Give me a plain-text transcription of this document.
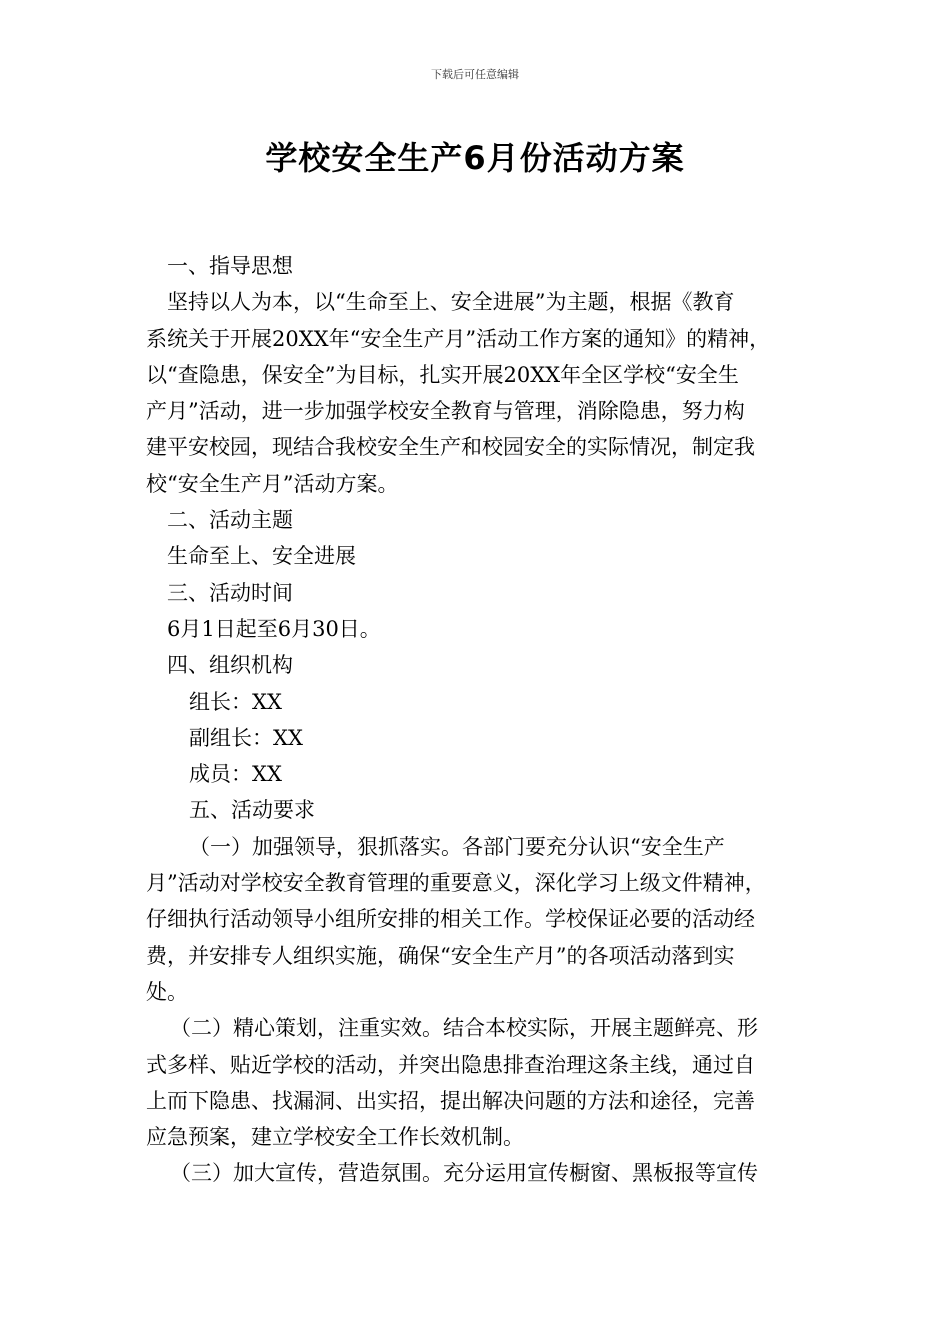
下载后可任意编辑
学校安全生产6月份活动方案

一、指导思想

坚持以人为本，以“生命至上、安全进展”为主题，根据《教育

系统关于开展20XX年“安全生产月”活动工作方案的通知》的精神，

以“查隐患，保安全”为目标，扎实开展20XX年全区学校“安全生

产月”活动，进一步加强学校安全教育与管理，消除隐患，努力构

建平安校园，现结合我校安全生产和校园安全的实际情况，制定我

校“安全生产月”活动方案。

二、活动主题

生命至上、安全进展

三、活动时间

6月1日起至6月30日。

四、组织机构

组长：XX

副组长：XX

成员：XX

五、活动要求

（一）加强领导，狠抓落实。各部门要充分认识“安全生产

月”活动对学校安全教育管理的重要意义，深化学习上级文件精神，

仔细执行活动领导小组所安排的相关工作。学校保证必要的活动经

费，并安排专人组织实施，确保“安全生产月”的各项活动落到实

处。

（二）精心策划，注重实效。结合本校实际，开展主题鲜亮、形

式多样、贴近学校的活动，并突出隐患排查治理这条主线，通过自

上而下隐患、找漏洞、出实招，提出解决问题的方法和途径，完善

应急预案，建立学校安全工作长效机制。

（三）加大宣传，营造氛围。充分运用宣传橱窗、黑板报等宣传
